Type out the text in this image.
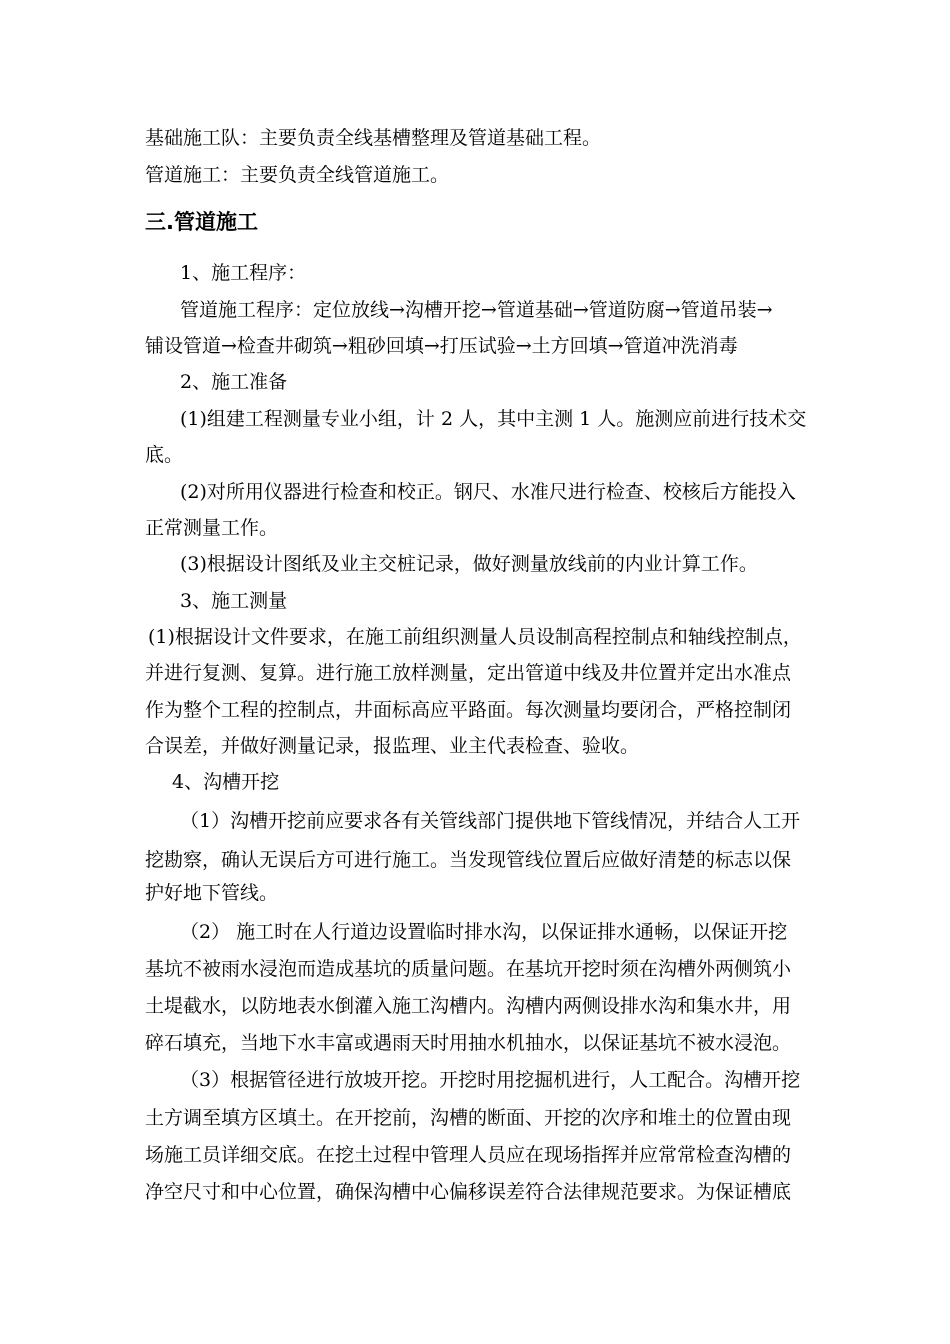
基础施工队：主要负责全线基槽整理及管道基础工程。
管道施工：主要负责全线管道施工。
三.管道施工
1、施工程序：
管道施工程序：定位放线→沟槽开挖→管道基础→管道防腐→管道吊装→
铺设管道→检查井砌筑→粗砂回填→打压试验→土方回填→管道冲洗消毒
2、施工准备
(1)组建工程测量专业小组，计 2 人，其中主测 1 人。施测应前进行技术交
底。
(2)对所用仪器进行检查和校正。钢尺、水准尺进行检查、校核后方能投入
正常测量工作。
(3)根据设计图纸及业主交桩记录，做好测量放线前的内业计算工作。
3、施工测量
(1)根据设计文件要求，在施工前组织测量人员设制高程控制点和轴线控制点，
并进行复测、复算。进行施工放样测量，定出管道中线及井位置并定出水准点
作为整个工程的控制点，井面标高应平路面。每次测量均要闭合，严格控制闭
合误差，并做好测量记录，报监理、业主代表检查、验收。
4、沟槽开挖
（1）沟槽开挖前应要求各有关管线部门提供地下管线情况，并结合人工开
挖勘察，确认无误后方可进行施工。当发现管线位置后应做好清楚的标志以保
护好地下管线。
（2） 施工时在人行道边设置临时排水沟，以保证排水通畅，以保证开挖
基坑不被雨水浸泡而造成基坑的质量问题。在基坑开挖时须在沟槽外两侧筑小
土堤截水，以防地表水倒灌入施工沟槽内。沟槽内两侧设排水沟和集水井，用
碎石填充，当地下水丰富或遇雨天时用抽水机抽水，以保证基坑不被水浸泡。
（3）根据管径进行放坡开挖。开挖时用挖掘机进行，人工配合。沟槽开挖
土方调至填方区填土。在开挖前，沟槽的断面、开挖的次序和堆土的位置由现
场施工员详细交底。在挖土过程中管理人员应在现场指挥并应常常检查沟槽的
净空尺寸和中心位置，确保沟槽中心偏移误差符合法律规范要求。为保证槽底
